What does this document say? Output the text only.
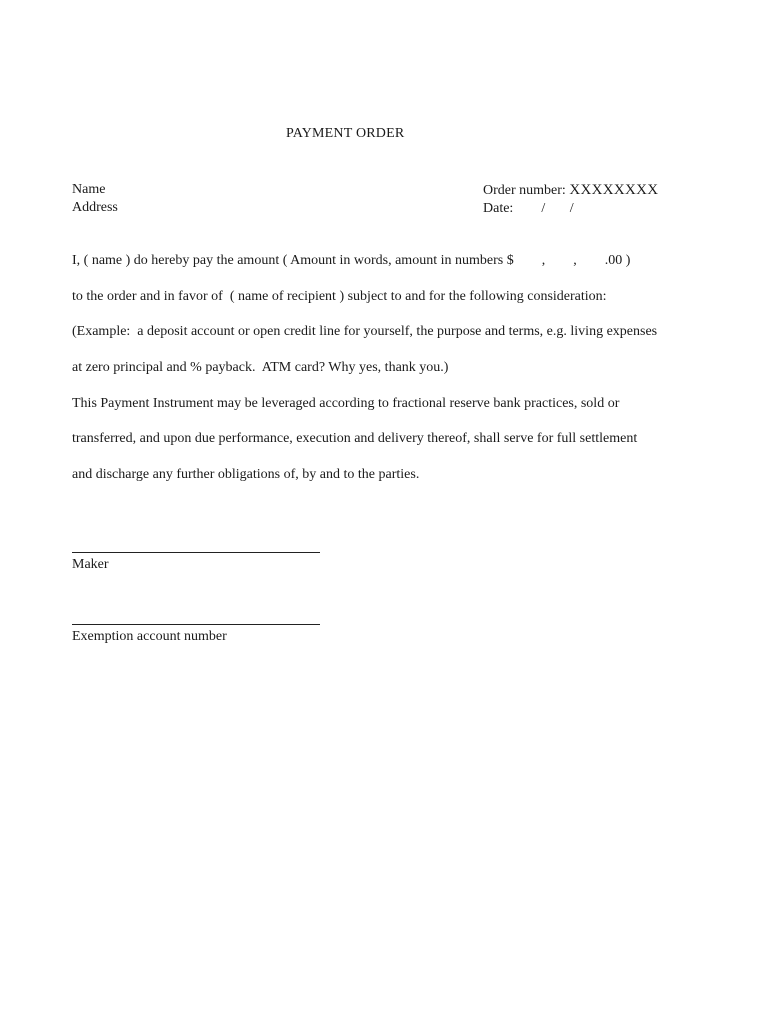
PAYMENT ORDER
Name
Address
Order number: XXXXXXXX
Date:        /       /
I, ( name ) do hereby pay the amount ( Amount in words, amount in numbers $        ,        ,        .00 )
to the order and in favor of  ( name of recipient ) subject to and for the following consideration:
(Example:  a deposit account or open credit line for yourself, the purpose and terms, e.g. living expenses
at zero principal and % payback.  ATM card? Why yes, thank you.)
This Payment Instrument may be leveraged according to fractional reserve bank practices, sold or
transferred, and upon due performance, execution and delivery thereof, shall serve for full settlement
and discharge any further obligations of, by and to the parties.
Maker
Exemption account number
